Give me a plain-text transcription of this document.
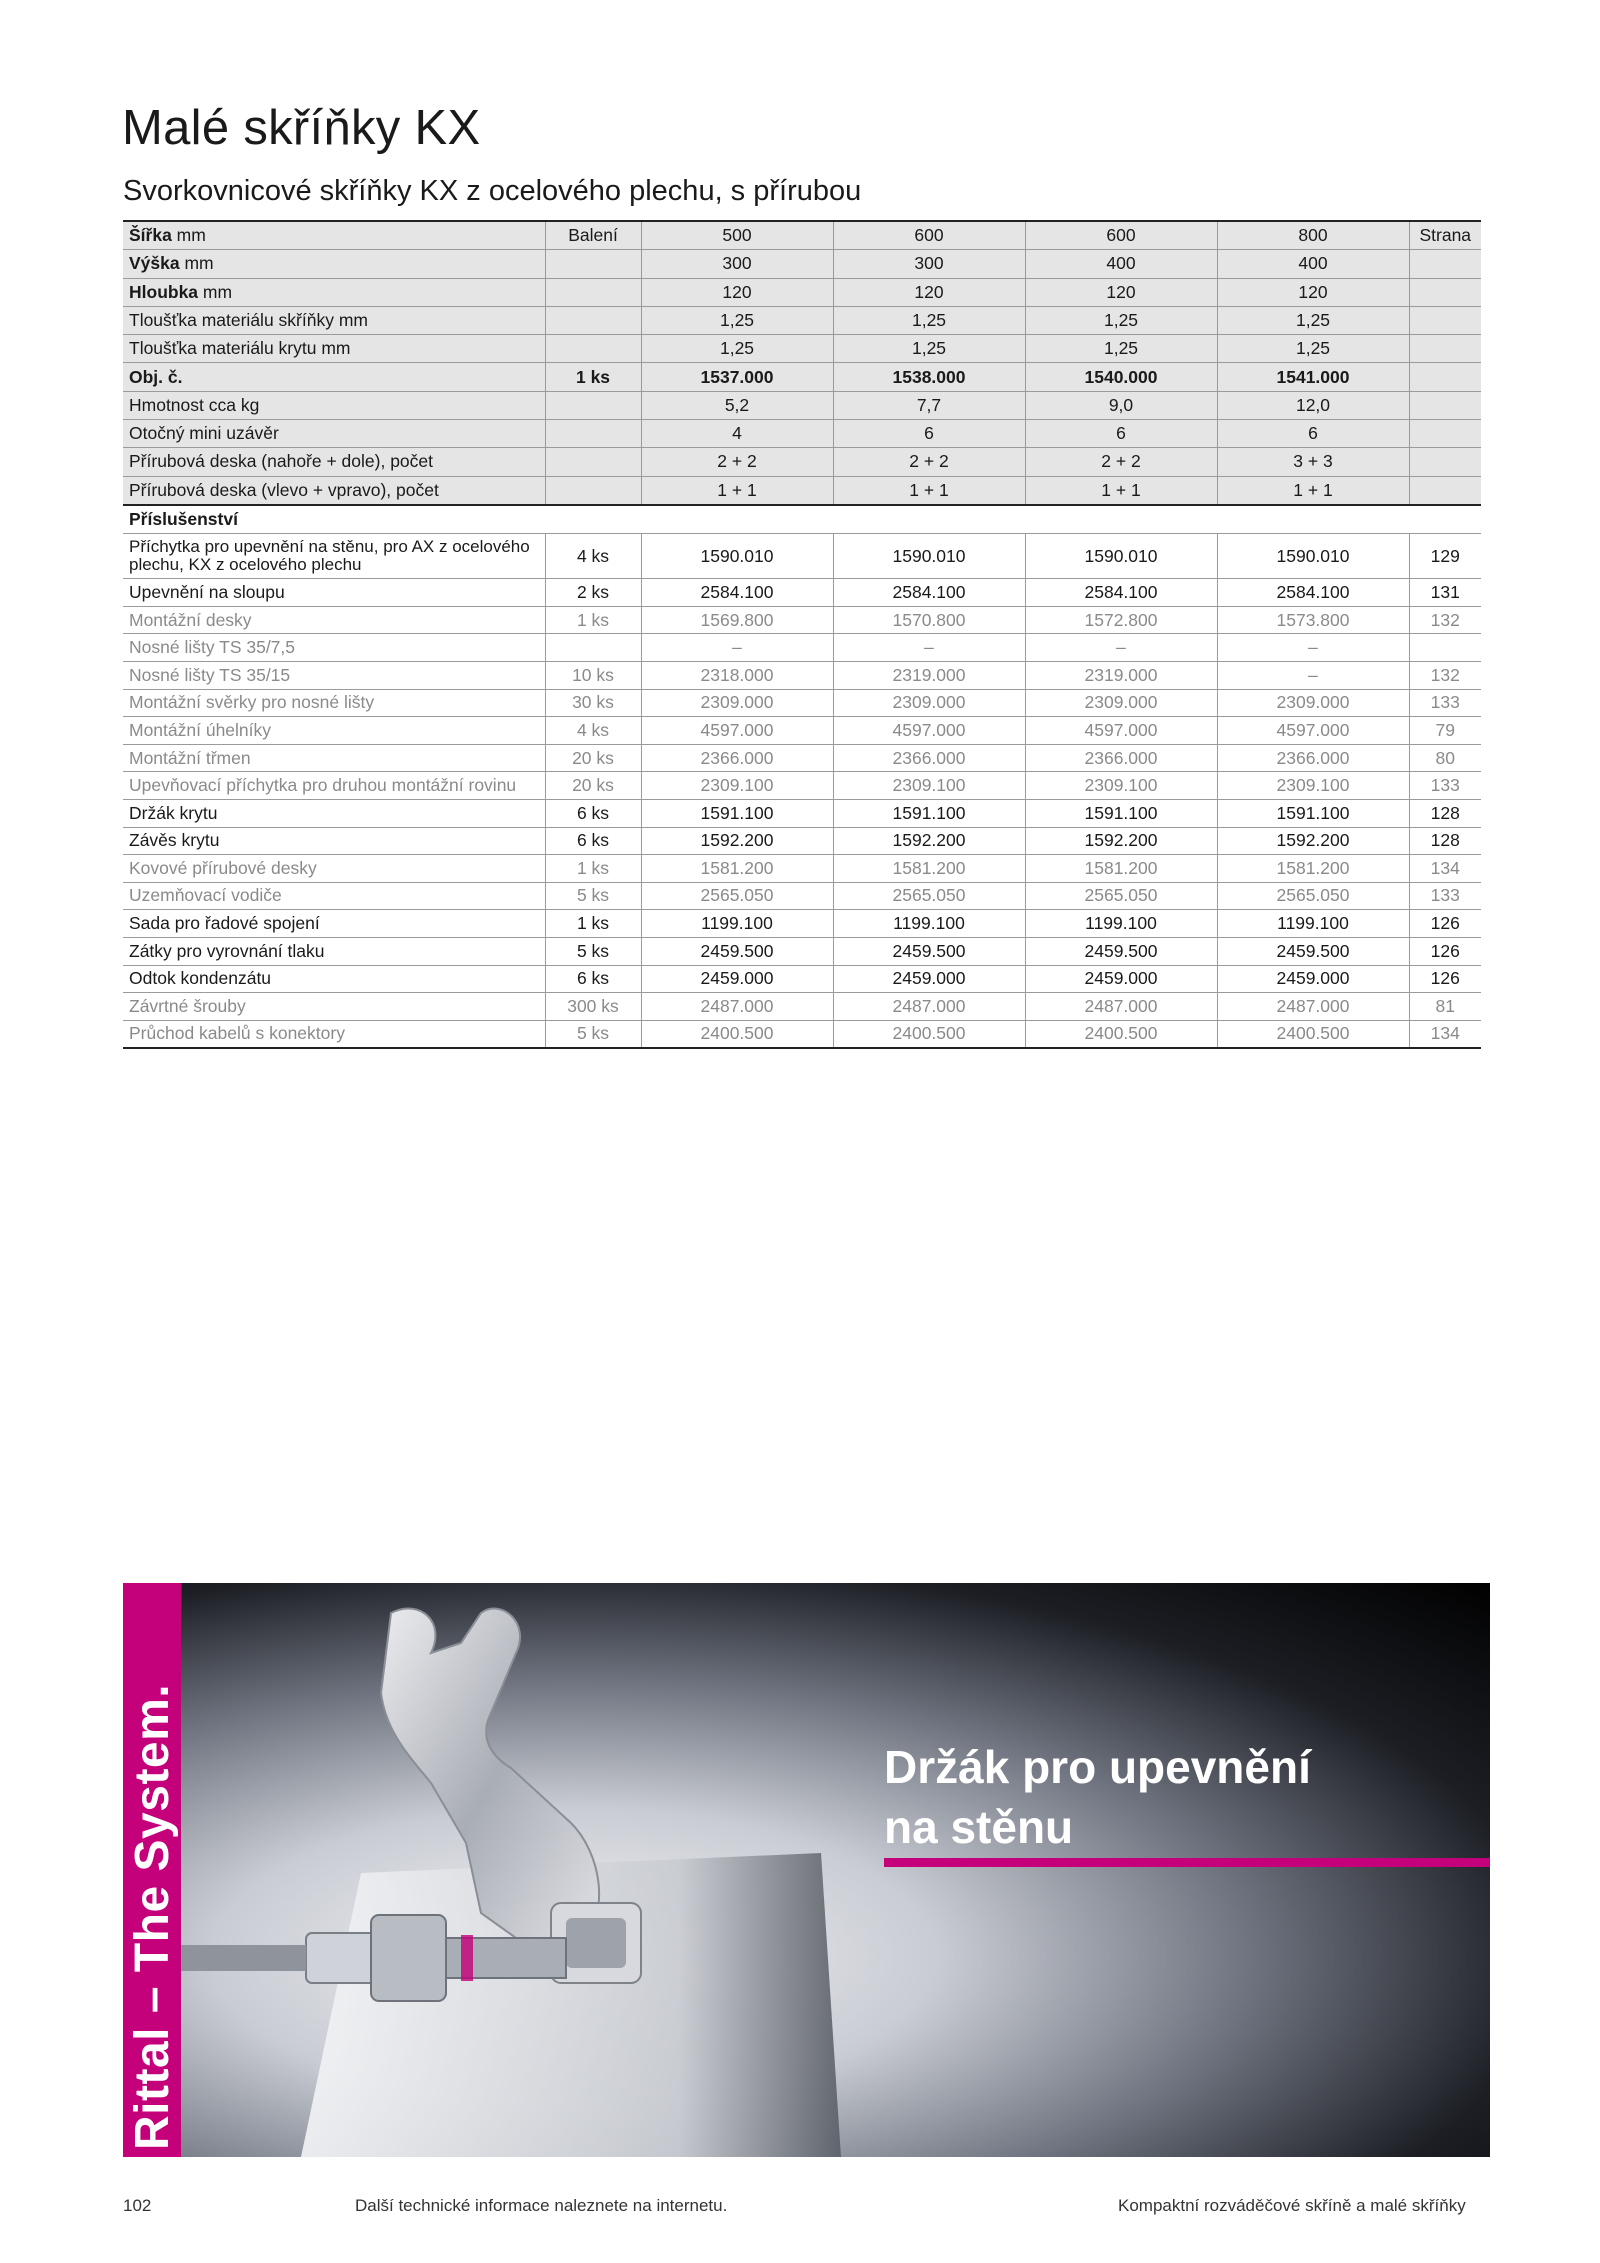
Malé skříňky KX
Svorkovnicové skříňky KX z ocelového plechu, s přírubou
Šířka mm	Balení	500	600	600	800	Strana
Výška mm		300	300	400	400	
Hloubka mm		120	120	120	120	
Tloušťka materiálu skříňky mm		1,25	1,25	1,25	1,25	
Tloušťka materiálu krytu mm		1,25	1,25	1,25	1,25	
Obj. č.	1 ks	1537.000	1538.000	1540.000	1541.000	
Hmotnost cca kg		5,2	7,7	9,0	12,0	
Otočný mini uzávěr		4	6	6	6	
Přírubová deska (nahoře + dole), počet		2 + 2	2 + 2	2 + 2	3 + 3	
Přírubová deska (vlevo + vpravo), počet		1 + 1	1 + 1	1 + 1	1 + 1	
Příslušenství						
Příchytka pro upevnění na stěnu, pro AX z ocelového plechu, KX z ocelového plechu	4 ks	1590.010	1590.010	1590.010	1590.010	129
Upevnění na sloupu	2 ks	2584.100	2584.100	2584.100	2584.100	131
Montážní desky	1 ks	1569.800	1570.800	1572.800	1573.800	132
Nosné lišty TS 35/7,5		–	–	–	–	
Nosné lišty TS 35/15	10 ks	2318.000	2319.000	2319.000	–	132
Montážní svěrky pro nosné lišty	30 ks	2309.000	2309.000	2309.000	2309.000	133
Montážní úhelníky	4 ks	4597.000	4597.000	4597.000	4597.000	79
Montážní třmen	20 ks	2366.000	2366.000	2366.000	2366.000	80
Upevňovací příchytka pro druhou montážní rovinu	20 ks	2309.100	2309.100	2309.100	2309.100	133
Držák krytu	6 ks	1591.100	1591.100	1591.100	1591.100	128
Závěs krytu	6 ks	1592.200	1592.200	1592.200	1592.200	128
Kovové přírubové desky	1 ks	1581.200	1581.200	1581.200	1581.200	134
Uzemňovací vodiče	5 ks	2565.050	2565.050	2565.050	2565.050	133
Sada pro řadové spojení	1 ks	1199.100	1199.100	1199.100	1199.100	126
Zátky pro vyrovnání tlaku	5 ks	2459.500	2459.500	2459.500	2459.500	126
Odtok kondenzátu	6 ks	2459.000	2459.000	2459.000	2459.000	126
Závrtné šrouby	300 ks	2487.000	2487.000	2487.000	2487.000	81
Průchod kabelů s konektory	5 ks	2400.500	2400.500	2400.500	2400.500	134
Rittal – The System.	Držák pro upevnění
na stěnu
102	Další technické informace naleznete na internetu.	Kompaktní rozváděčové skříně a malé skříňky
